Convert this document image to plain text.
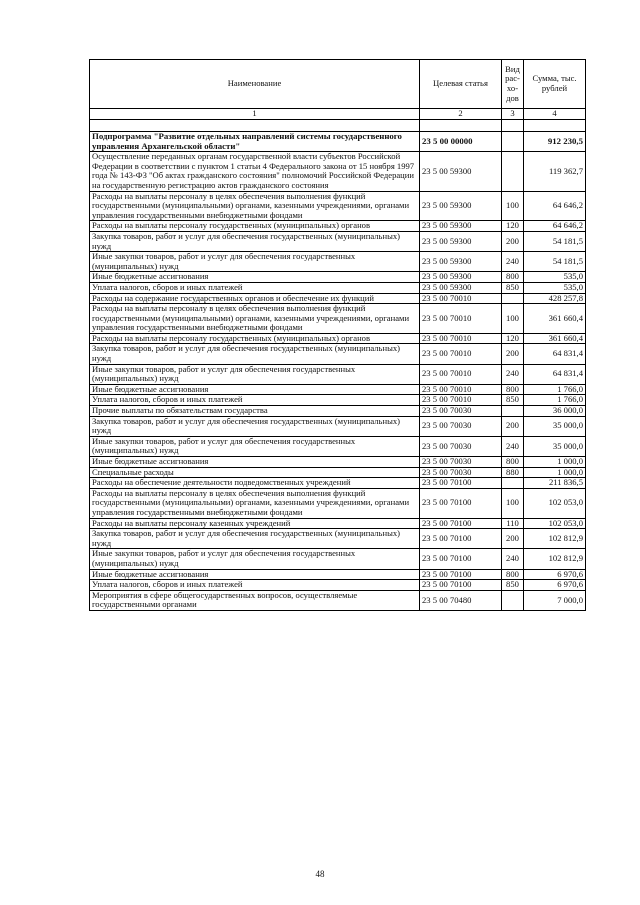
Наименование	Целевая статья	Вид рас- хо- дов	Сумма, тыс. рублей
1	2	3	4

Подпрограмма "Развитие отдельных направлений системы государственного управления Архангельской области"	23 5 00 00000		912 230,5
Осуществление переданных органам государственной власти субъектов Российской Федерации в соответствии с пунктом 1 статьи 4 Федерального закона от 15 ноября 1997 года № 143-ФЗ "Об актах гражданского состояния" полномочий Российской Федерации на государственную регистрацию актов гражданского состояния	23 5 00 59300		119 362,7
Расходы на выплаты персоналу в целях обеспечения выполнения функций государственными (муниципальными) органами, казенными учреждениями, органами управления государственными внебюджетными фондами	23 5 00 59300	100	64 646,2
Расходы на выплаты персоналу государственных (муниципальных) органов	23 5 00 59300	120	64 646,2
Закупка товаров, работ и услуг для обеспечения государственных (муниципальных) нужд	23 5 00 59300	200	54 181,5
Иные закупки товаров, работ и услуг для обеспечения государственных (муниципальных) нужд	23 5 00 59300	240	54 181,5
Иные бюджетные ассигнования	23 5 00 59300	800	535,0
Уплата налогов, сборов и иных платежей	23 5 00 59300	850	535,0
Расходы на содержание государственных органов и обеспечение их функций	23 5 00 70010		428 257,8
Расходы на выплаты персоналу в целях обеспечения выполнения функций государственными (муниципальными) органами, казенными учреждениями, органами управления государственными внебюджетными фондами	23 5 00 70010	100	361 660,4
Расходы на выплаты персоналу государственных (муниципальных) органов	23 5 00 70010	120	361 660,4
Закупка товаров, работ и услуг для обеспечения государственных (муниципальных) нужд	23 5 00 70010	200	64 831,4
Иные закупки товаров, работ и услуг для обеспечения государственных (муниципальных) нужд	23 5 00 70010	240	64 831,4
Иные бюджетные ассигнования	23 5 00 70010	800	1 766,0
Уплата налогов, сборов и иных платежей	23 5 00 70010	850	1 766,0
Прочие выплаты по обязательствам государства	23 5 00 70030		36 000,0
Закупка товаров, работ и услуг для обеспечения государственных (муниципальных) нужд	23 5 00 70030	200	35 000,0
Иные закупки товаров, работ и услуг для обеспечения государственных (муниципальных) нужд	23 5 00 70030	240	35 000,0
Иные бюджетные ассигнования	23 5 00 70030	800	1 000,0
Специальные расходы	23 5 00 70030	880	1 000,0
Расходы на обеспечение деятельности подведомственных учреждений	23 5 00 70100		211 836,5
Расходы на выплаты персоналу в целях обеспечения выполнения функций государственными (муниципальными) органами, казенными учреждениями, органами управления государственными внебюджетными фондами	23 5 00 70100	100	102 053,0
Расходы на выплаты персоналу казенных учреждений	23 5 00 70100	110	102 053,0
Закупка товаров, работ и услуг для обеспечения государственных (муниципальных) нужд	23 5 00 70100	200	102 812,9
Иные закупки товаров, работ и услуг для обеспечения государственных (муниципальных) нужд	23 5 00 70100	240	102 812,9
Иные бюджетные ассигнования	23 5 00 70100	800	6 970,6
Уплата налогов, сборов и иных платежей	23 5 00 70100	850	6 970,6
Мероприятия в сфере общегосударственных вопросов, осуществляемые государственными органами	23 5 00 70480		7 000,0
48
